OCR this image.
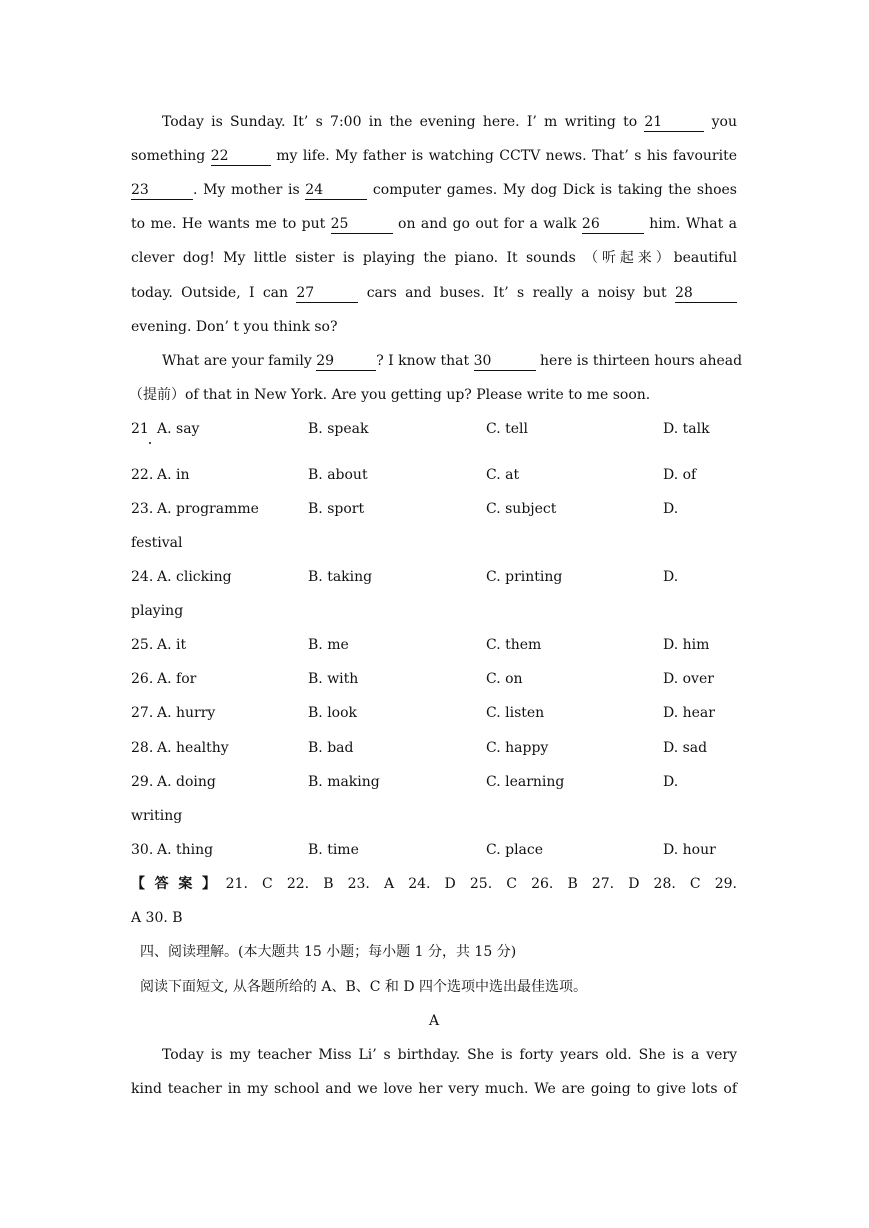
Today is Sunday. It’ s 7:00 in the evening here. I’ m writing to 21	you
something 22	my life. My father is watching CCTV news. That’ s his favourite
23	. My mother is 24	computer games. My dog Dick is taking the shoes
to me. He wants me to put 25	on and go out for a walk 26	him. What a
clever dog! My little sister is playing the piano. It sounds （听起来）beautiful
today. Outside, I can 27	cars and buses. It’ s really a noisy but 28
evening. Don’ t you think so?
What are your family 29	? I know that 30	here is thirteen hours ahead
（提前）of that in New York. Are you getting up? Please write to me soon.
21 A. say	B. speak	C. tell	D. talk
22. A. in	B. about	C. at	D. of
23. A. programme	B. sport	C. subject	D.
festival
24. A. clicking	B. taking	C. printing	D.
playing
25. A. it	B. me	C. them	D. him
26. A. for	B. with	C. on	D. over
27. A. hurry	B. look	C. listen	D. hear
28. A. healthy	B. bad	C. happy	D. sad
29. A. doing	B. making	C. learning	D.
writing
30. A. thing	B. time	C. place	D. hour
【答案】21. C 22. B 23. A 24. D 25. C 26. B 27. D 28. C 29.
A 30. B
四、阅读理解。(本大题共 15 小题；每小题 1 分，共 15 分)
阅读下面短文, 从各题所给的 A、B、C 和 D 四个选项中选出最佳选项。
A
Today is my teacher Miss Li’ s birthday. She is forty years old. She is a very
kind teacher in my school and we love her very much. We are going to give lots of
